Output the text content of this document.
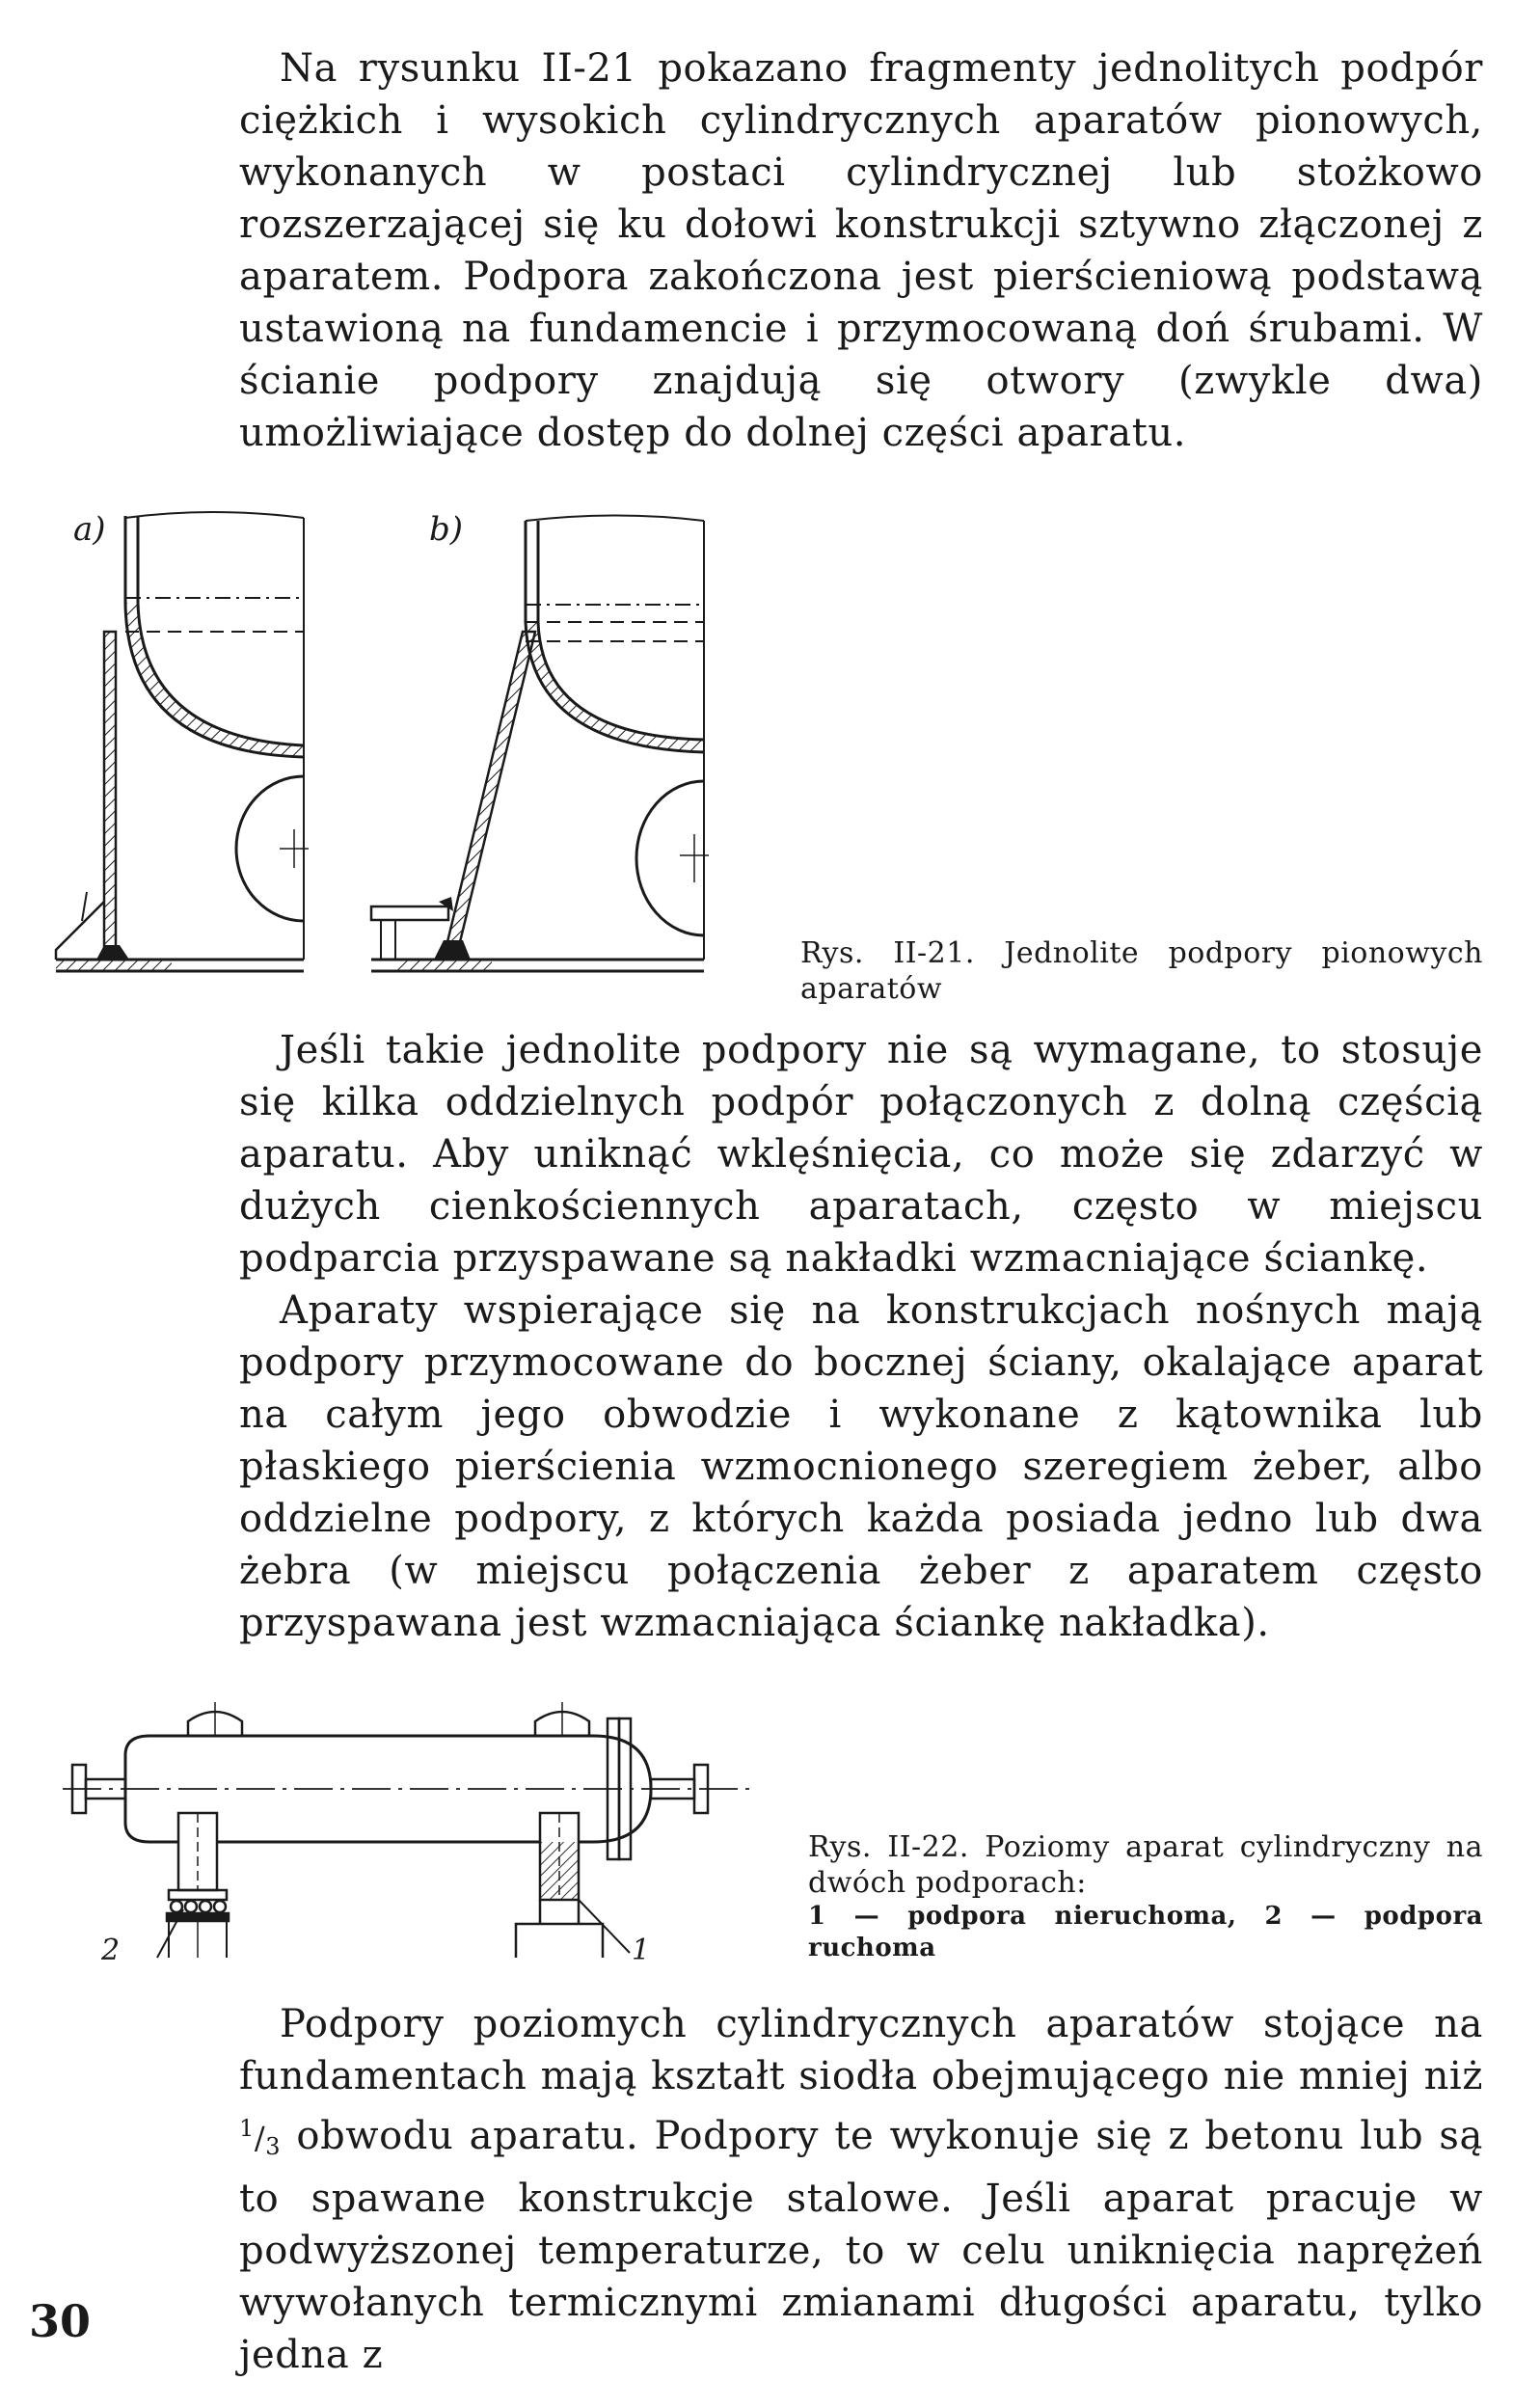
Na rysunku II-21 pokazano fragmenty jednolitych podpór ciężkich i wysokich cylindrycznych aparatów pionowych, wykonanych w postaci cylindrycznej lub stożkowo rozszerzającej się ku dołowi konstrukcji sztywno złączonej z aparatem. Podpora zakończona jest pierścieniową podstawą ustawioną na fundamencie i przymocowaną doń śrubami. W ścianie podpory znajdują się otwory (zwykle dwa) umożliwiające dostęp do dolnej części aparatu.

a)	b)
Rys. II-21. Jednolite podpory pionowych aparatów

Jeśli takie jednolite podpory nie są wymagane, to stosuje się kilka oddzielnych podpór połączonych z dolną częścią aparatu. Aby uniknąć wklęśnięcia, co może się zdarzyć w dużych cienkościennych aparatach, często w miejscu podparcia przyspawane są nakładki wzmacniające ściankę.

Aparaty wspierające się na konstrukcjach nośnych mają podpory przymocowane do bocznej ściany, okalające aparat na całym jego obwodzie i wykonane z kątownika lub płaskiego pierścienia wzmocnionego szeregiem żeber, albo oddzielne podpory, z których każda posiada jedno lub dwa żebra (w miejscu połączenia żeber z aparatem często przyspawana jest wzmacniająca ściankę nakładka).

2	1
Rys. II-22. Poziomy aparat cylindryczny na dwóch podporach:
1 — podpora nieruchoma, 2 — podpora ruchoma

Podpory poziomych cylindrycznych aparatów stojące na fundamentach mają kształt siodła obejmującego nie mniej niż $^1/_3$ obwodu aparatu. Podpory te wykonuje się z betonu lub są to spawane konstrukcje stalowe. Jeśli aparat pracuje w podwyższonej temperaturze, to w celu uniknięcia naprężeń wywołanych termicznymi zmianami długości aparatu, tylko jedna z

30
